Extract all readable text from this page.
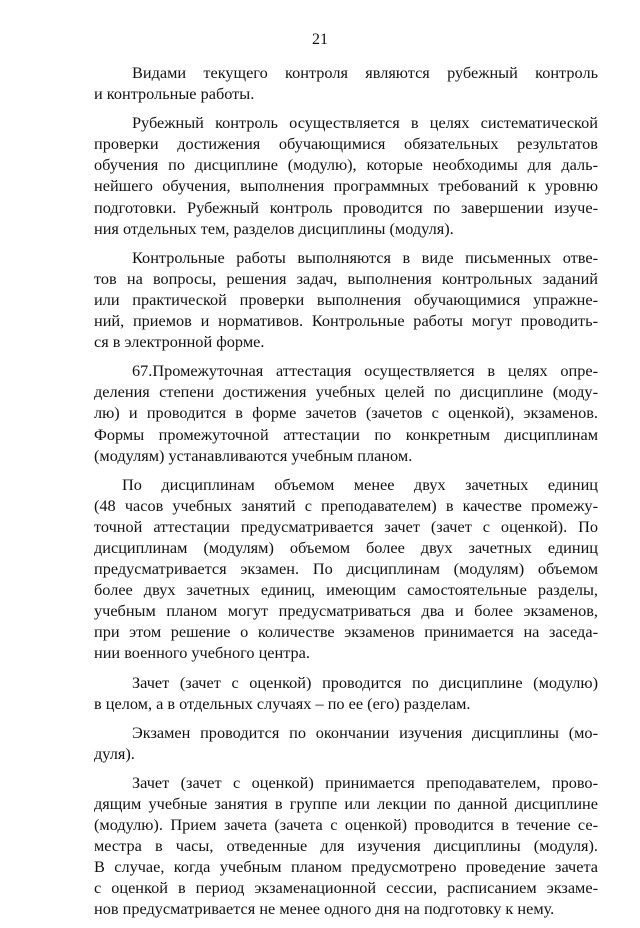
21
Видами текущего контроля являются рубежный контроль
и контрольные работы.
Рубежный контроль осуществляется в целях систематической
проверки достижения обучающимися обязательных результатов
обучения по дисциплине (модулю), которые необходимы для даль-
нейшего обучения, выполнения программных требований к уровню
подготовки. Рубежный контроль проводится по завершении изуче-
ния отдельных тем, разделов дисциплины (модуля).
Контрольные работы выполняются в виде письменных отве-
тов на вопросы, решения задач, выполнения контрольных заданий
или практической проверки выполнения обучающимися упражне-
ний, приемов и нормативов. Контрольные работы могут проводить-
ся в электронной форме.
67.Промежуточная аттестация осуществляется в целях опре-
деления степени достижения учебных целей по дисциплине (моду-
лю) и проводится в форме зачетов (зачетов с оценкой), экзаменов.
Формы промежуточной аттестации по конкретным дисциплинам
(модулям) устанавливаются учебным планом.
По дисциплинам объемом менее двух зачетных единиц
(48 часов учебных занятий с преподавателем) в качестве промежу-
точной аттестации предусматривается зачет (зачет с оценкой). По
дисциплинам (модулям) объемом более двух зачетных единиц
предусматривается экзамен. По дисциплинам (модулям) объемом
более двух зачетных единиц, имеющим самостоятельные разделы,
учебным планом могут предусматриваться два и более экзаменов,
при этом решение о количестве экзаменов принимается на заседа-
нии военного учебного центра.
Зачет (зачет с оценкой) проводится по дисциплине (модулю)
в целом, а в отдельных случаях – по ее (его) разделам.
Экзамен проводится по окончании изучения дисциплины (мо-
дуля).
Зачет (зачет с оценкой) принимается преподавателем, прово-
дящим учебные занятия в группе или лекции по данной дисциплине
(модулю). Прием зачета (зачета с оценкой) проводится в течение се-
местра в часы, отведенные для изучения дисциплины (модуля).
В случае, когда учебным планом предусмотрено проведение зачета
с оценкой в период экзаменационной сессии, расписанием экзаме-
нов предусматривается не менее одного дня на подготовку к нему.
